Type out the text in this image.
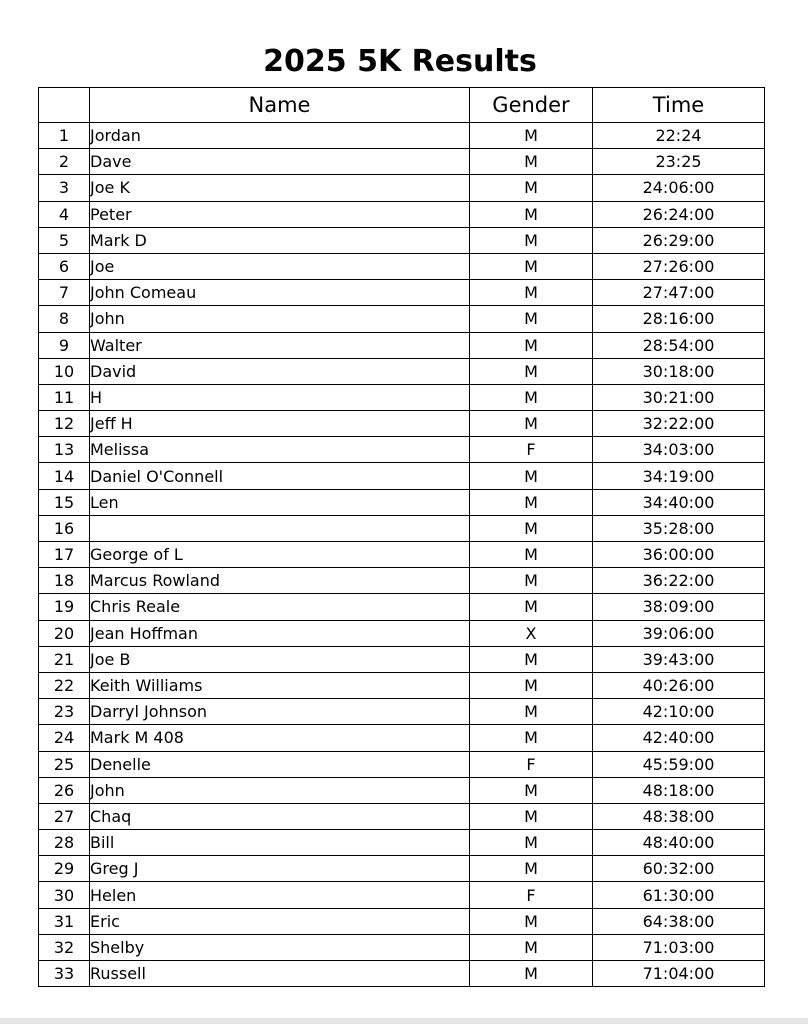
2025 5K Results
	Name	Gender	Time
1	Jordan	M	22:24
2	Dave	M	23:25
3	Joe K	M	24:06:00
4	Peter	M	26:24:00
5	Mark D	M	26:29:00
6	Joe	M	27:26:00
7	John Comeau	M	27:47:00
8	John	M	28:16:00
9	Walter	M	28:54:00
10	David	M	30:18:00
11	H	M	30:21:00
12	Jeff H	M	32:22:00
13	Melissa	F	34:03:00
14	Daniel O'Connell	M	34:19:00
15	Len	M	34:40:00
16		M	35:28:00
17	George of L	M	36:00:00
18	Marcus Rowland	M	36:22:00
19	Chris Reale	M	38:09:00
20	Jean Hoffman	X	39:06:00
21	Joe B	M	39:43:00
22	Keith Williams	M	40:26:00
23	Darryl Johnson	M	42:10:00
24	Mark M 408	M	42:40:00
25	Denelle	F	45:59:00
26	John	M	48:18:00
27	Chaq	M	48:38:00
28	Bill	M	48:40:00
29	Greg J	M	60:32:00
30	Helen	F	61:30:00
31	Eric	M	64:38:00
32	Shelby	M	71:03:00
33	Russell	M	71:04:00
